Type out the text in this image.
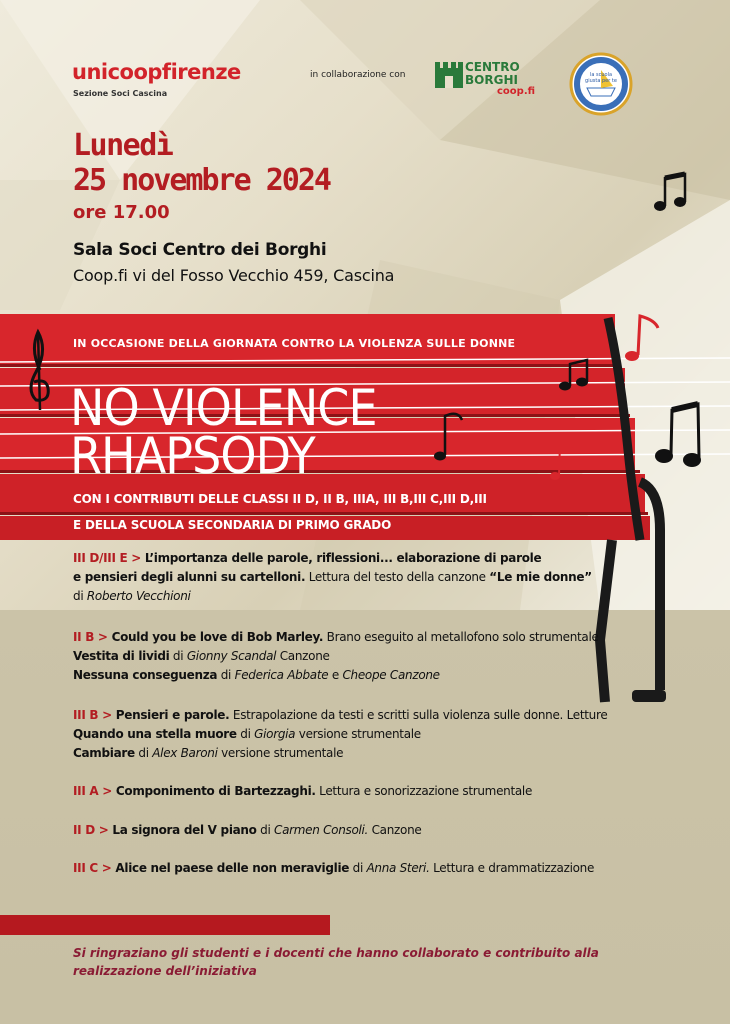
unicoopfirenze
Sezione Soci Cascina
in collaborazione con
CENTRO
BORGHI
coop.fi
la scuola giusta per te
Lunedì
25 novembre 2024
ore 17.00
Sala Soci Centro dei Borghi
Coop.fi vi del Fosso Vecchio 459, Cascina
IN OCCASIONE DELLA GIORNATA CONTRO LA VIOLENZA SULLE DONNE
NO VIOLENCE
RHAPSODY
CON I CONTRIBUTI DELLE CLASSI II D, II B, IIIA, III B,III C,III D,III
E DELLA SCUOLA SECONDARIA DI PRIMO GRADO
III D/III E > L’importanza delle parole, riflessioni... elaborazione di parole
e pensieri degli alunni su cartelloni. Lettura del testo della canzone “Le mie donne”
di Roberto Vecchioni
II B > Could you be love di Bob Marley. Brano eseguito al metallofono solo strumentale
Vestita di lividi di Gionny Scandal Canzone
Nessuna conseguenza di Federica Abbate e Cheope Canzone
III B > Pensieri e parole. Estrapolazione da testi e scritti sulla violenza sulle donne. Letture
Quando una stella muore di Giorgia versione strumentale
Cambiare di Alex Baroni versione strumentale
III A > Componimento di Bartezzaghi. Lettura e sonorizzazione strumentale
II D > La signora del V piano di Carmen Consoli. Canzone
III C > Alice nel paese delle non meraviglie di Anna Steri. Lettura e drammatizzazione
Si ringraziano gli studenti e i docenti che hanno collaborato e contribuito alla realizzazione dell’iniziativa
